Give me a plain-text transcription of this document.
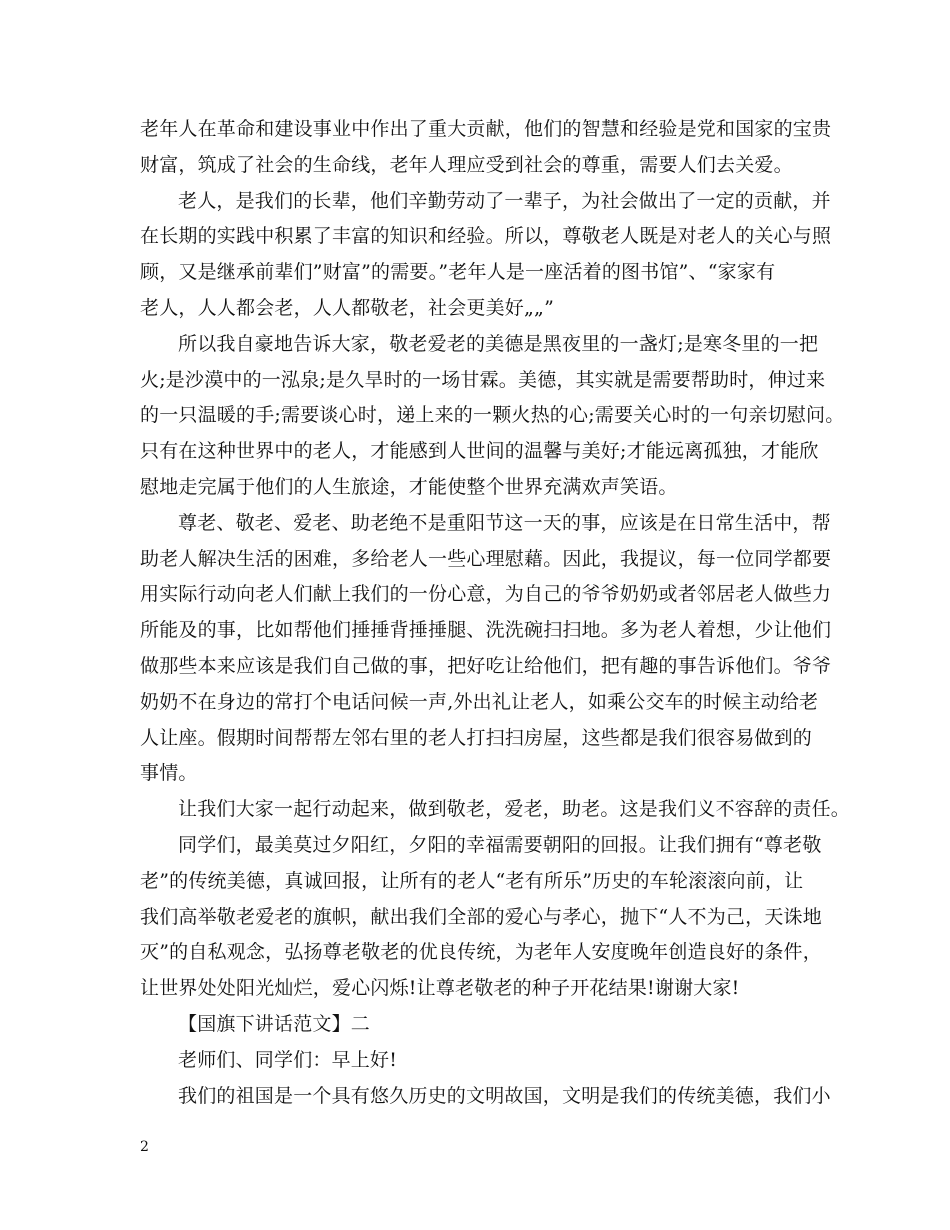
老年人在革命和建设事业中作出了重大贡献，他们的智慧和经验是党和国家的宝贵
财富，筑成了社会的生命线，老年人理应受到社会的尊重，需要人们去关爱。
老人，是我们的长辈，他们辛勤劳动了一辈子，为社会做出了一定的贡献，并
在长期的实践中积累了丰富的知识和经验。所以，尊敬老人既是对老人的关心与照
顾，又是继承前辈们”财富”的需要。”老年人是一座活着的图书馆”、“家家有
老人，人人都会老，人人都敬老，社会更美好„„”
所以我自豪地告诉大家，敬老爱老的美德是黑夜里的一盏灯;是寒冬里的一把
火;是沙漠中的一泓泉;是久旱时的一场甘霖。美德，其实就是需要帮助时，伸过来
的一只温暖的手;需要谈心时，递上来的一颗火热的心;需要关心时的一句亲切慰问。
只有在这种世界中的老人，才能感到人世间的温馨与美好;才能远离孤独，才能欣
慰地走完属于他们的人生旅途，才能使整个世界充满欢声笑语。
尊老、敬老、爱老、助老绝不是重阳节这一天的事，应该是在日常生活中，帮
助老人解决生活的困难，多给老人一些心理慰藉。因此，我提议，每一位同学都要
用实际行动向老人们献上我们的一份心意，为自己的爷爷奶奶或者邻居老人做些力
所能及的事，比如帮他们捶捶背捶捶腿、洗洗碗扫扫地。多为老人着想，少让他们
做那些本来应该是我们自己做的事，把好吃让给他们，把有趣的事告诉他们。爷爷
奶奶不在身边的常打个电话问候一声,外出礼让老人，如乘公交车的时候主动给老
人让座。假期时间帮帮左邻右里的老人打扫扫房屋，这些都是我们很容易做到的
事情。
让我们大家一起行动起来，做到敬老，爱老，助老。这是我们义不容辞的责任。
同学们，最美莫过夕阳红，夕阳的幸福需要朝阳的回报。让我们拥有“尊老敬
老”的传统美德，真诚回报，让所有的老人“老有所乐”历史的车轮滚滚向前，让
我们高举敬老爱老的旗帜，献出我们全部的爱心与孝心，抛下“人不为己，天诛地
灭”的自私观念，弘扬尊老敬老的优良传统，为老年人安度晚年创造良好的条件，
让世界处处阳光灿烂，爱心闪烁!让尊老敬老的种子开花结果!谢谢大家!
【国旗下讲话范文】二
老师们、同学们：早上好!
我们的祖国是一个具有悠久历史的文明故国，文明是我们的传统美德，我们小
2
